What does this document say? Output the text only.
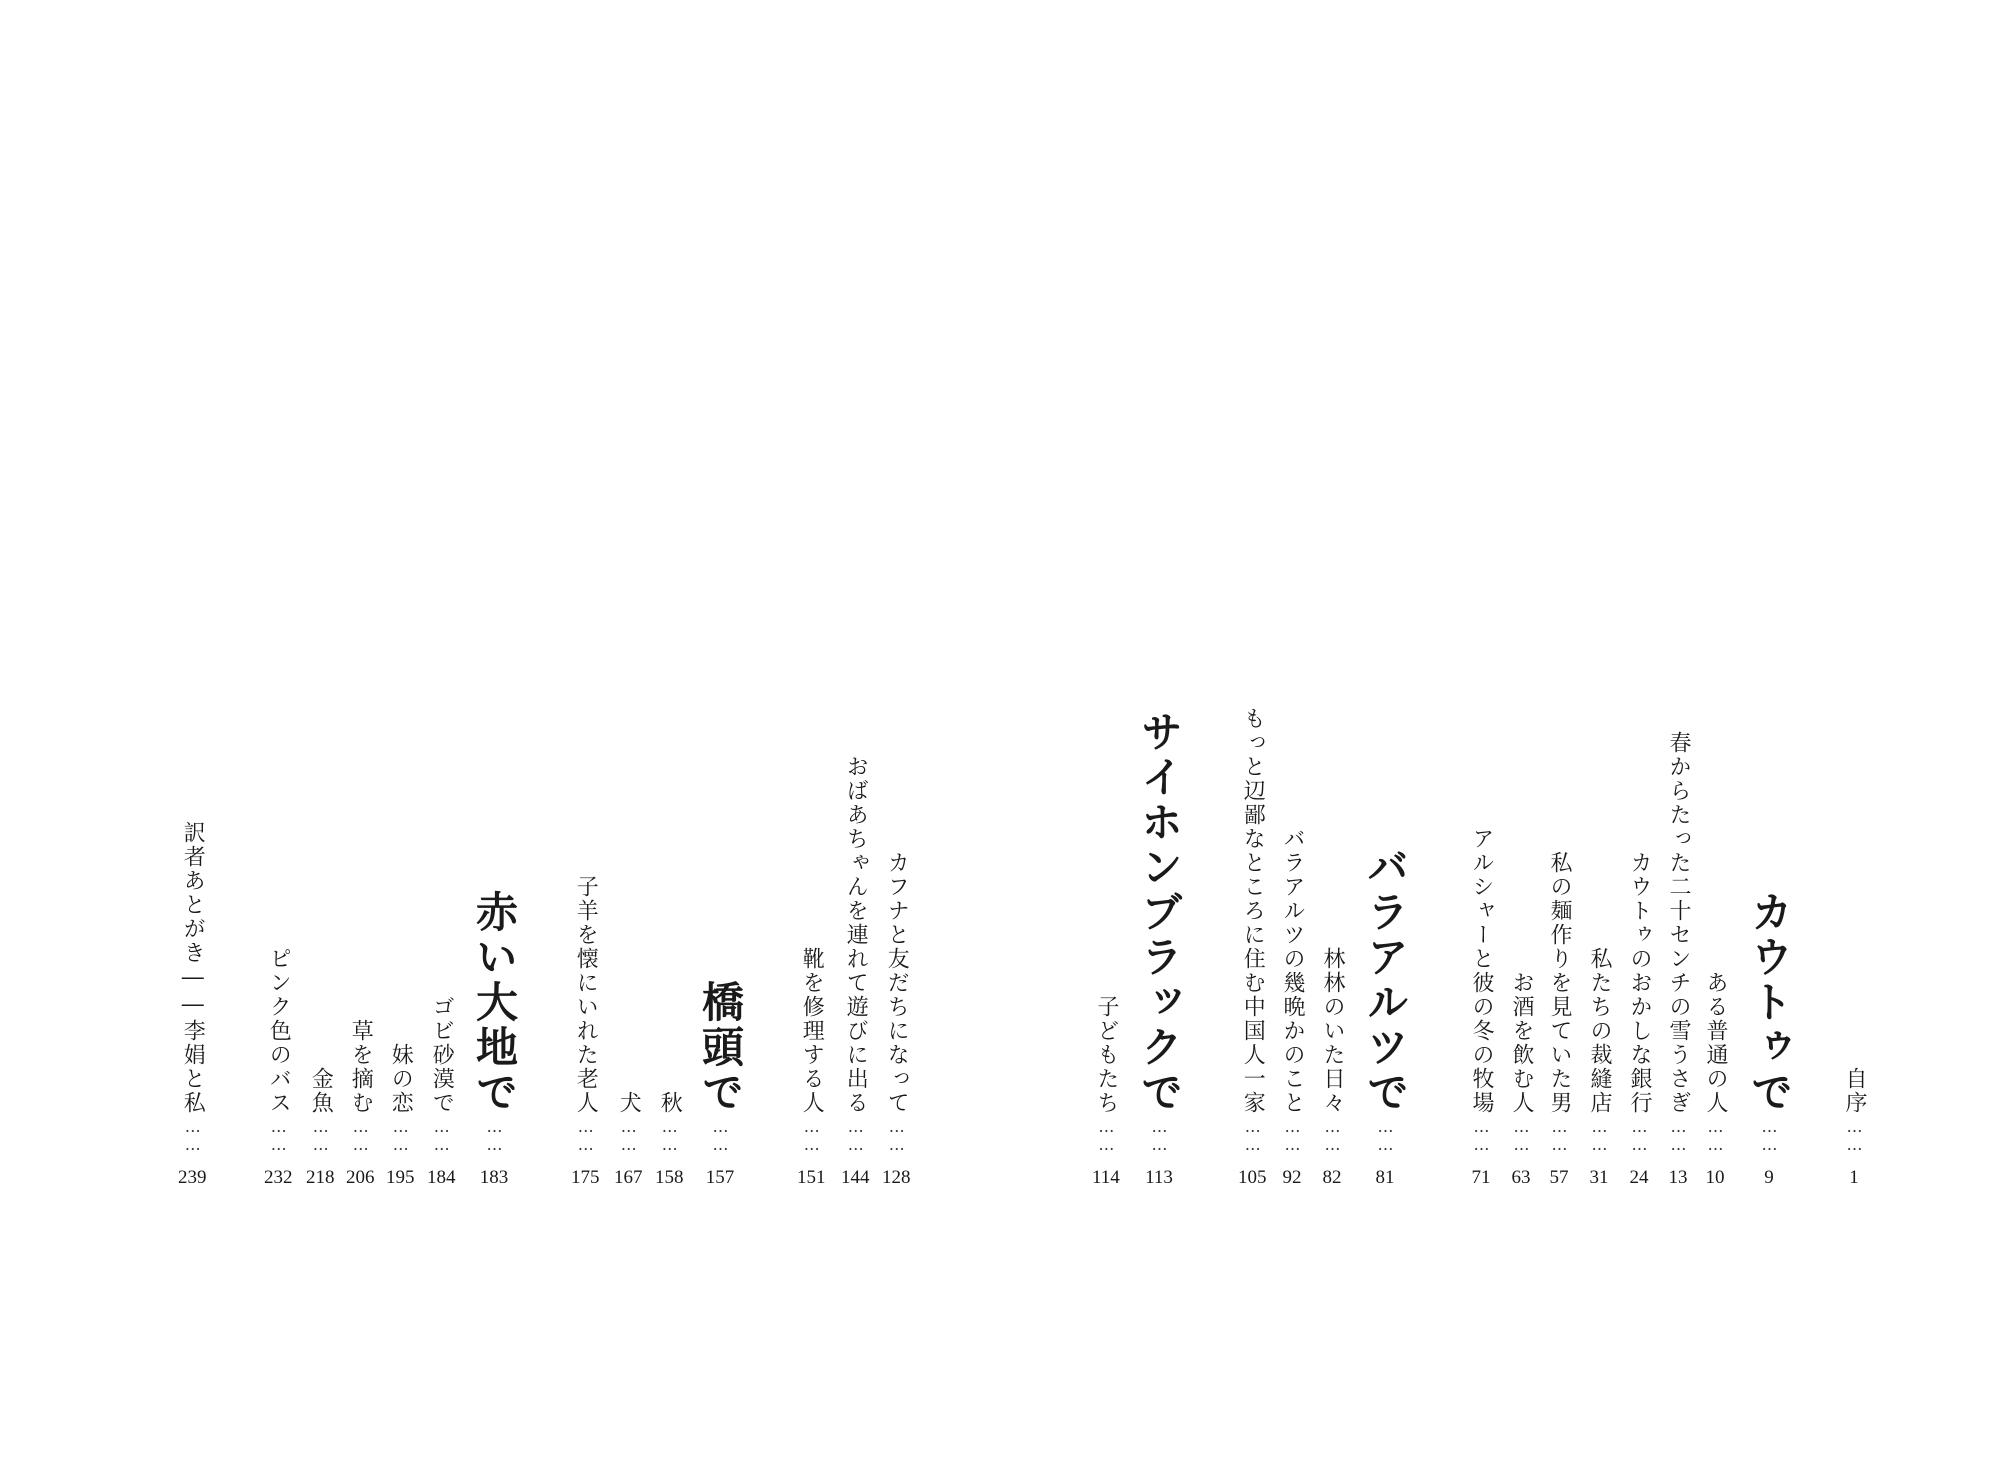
自序
……
1
カウトゥで
……
9
ある普通の人
……
10
春からたった二十センチの雪うさぎ
……
13
カウトゥのおかしな銀行
……
24
私たちの裁縫店
……
31
私の麺作りを見ていた男
……
57
お酒を飲む人
……
63
アルシャーと彼の冬の牧場
……
71
バラアルツで
……
81
林林のいた日々
……
82
バラアルツの幾晩かのこと
……
92
もっと辺鄙なところに住む中国人一家
……
105
サイホンブラックで
……
113
子どもたち
……
114
カフナと友だちになって
……
128
おばあちゃんを連れて遊びに出る
……
144
靴を修理する人
……
151
橋頭で
……
157
秋
……
158
犬
……
167
子羊を懐にいれた老人
……
175
赤い大地で
……
183
ゴビ砂漠で
……
184
妹の恋
……
195
草を摘む
……
206
金魚
……
218
ピンク色のバス
……
232
訳者あとがき――李娟と私
……
239
